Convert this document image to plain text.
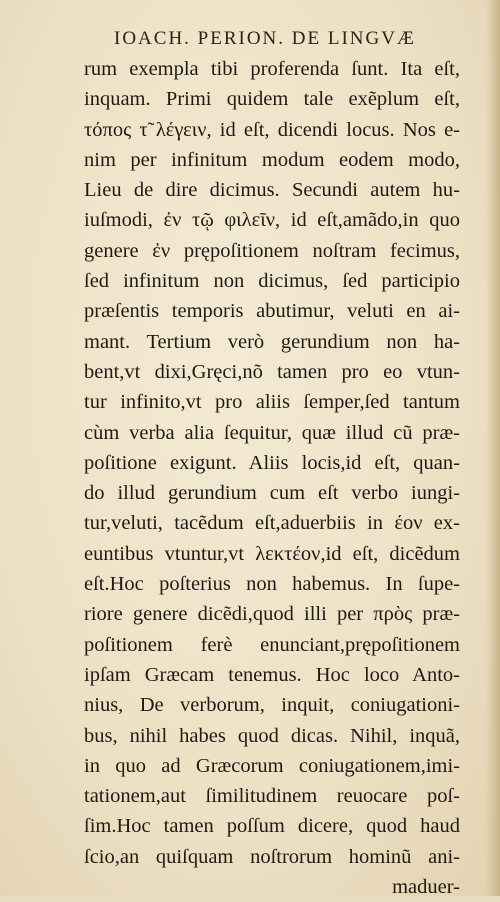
IOACH. PERION. DE LINGVÆ
rum exempla tibi proferenda ſunt. Ita eſt,
inquam. Primi quidem tale exẽplum eſt,
τόπος τ̃ λέγειν, id eſt, dicendi locus. Nos e-
nim per infinitum modum eodem modo,
Lieu de dire dicimus. Secundi autem hu-
iuſmodi, ἐν τῷ φιλεῖν, id eſt,amãdo,in quo
genere ἐν prępoſitionem noſtram fecimus,
ſed infinitum non dicimus, ſed participio
præſentis temporis abutimur, veluti en ai-
mant. Tertium verò gerundium non ha-
bent,vt dixi,Gręci,nõ tamen pro eo vtun-
tur infinito,vt pro aliis ſemper,ſed tantum
cùm verba alia ſequitur, quæ illud cũ præ-
poſitione exigunt. Aliis locis,id eſt, quan-
do illud gerundium cum eſt verbo iungi-
tur,veluti, tacẽdum eſt,aduerbiis in έον ex-
euntibus vtuntur,vt λεκτέον,id eſt, dicẽdum
eſt.Hoc poſterius non habemus. In ſupe-
riore genere dicẽdi,quod illi per πρὸς præ-
poſitionem ferè enunciant,prępoſitionem
ipſam Græcam tenemus. Hoc loco Anto-
nius, De verborum, inquit, coniugationi-
bus, nihil habes quod dicas. Nihil, inquã,
in quo ad Græcorum coniugationem,imi-
tationem,aut ſimilitudinem reuocare poſ-
ſim.Hoc tamen poſſum dicere, quod haud
ſcio,an quiſquam noſtrorum hominũ ani-
maduer-
